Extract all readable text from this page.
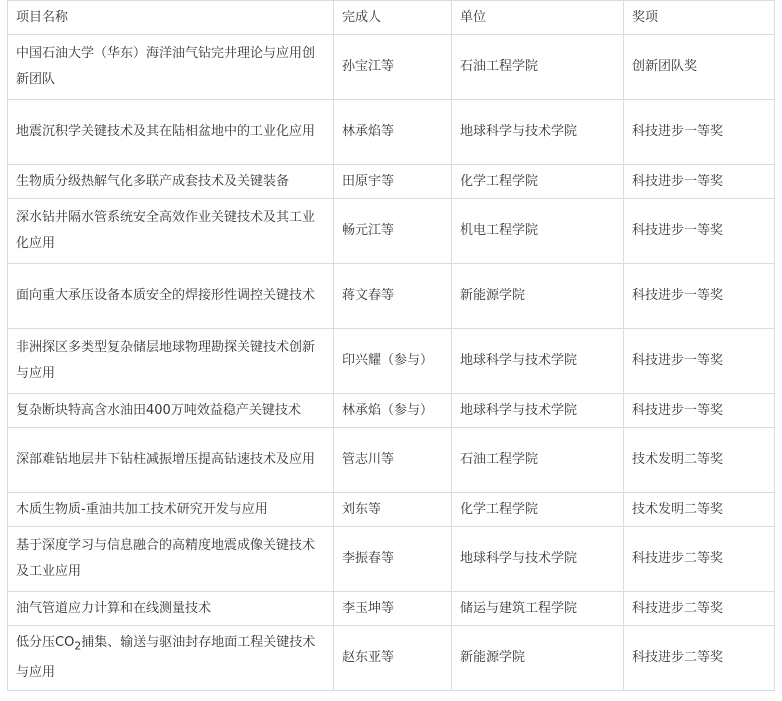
项目名称	完成人	单位	奖项
中国石油大学（华东）海洋油气钻完井理论与应用创新团队	孙宝江等	石油工程学院	创新团队奖
地震沉积学关键技术及其在陆相盆地中的工业化应用	林承焰等	地球科学与技术学院	科技进步一等奖
生物质分级热解气化多联产成套技术及关键装备	田原宇等	化学工程学院	科技进步一等奖
深水钻井隔水管系统安全高效作业关键技术及其工业化应用	畅元江等	机电工程学院	科技进步一等奖
面向重大承压设备本质安全的焊接形性调控关键技术	蒋文春等	新能源学院	科技进步一等奖
非洲探区多类型复杂储层地球物理勘探关键技术创新与应用	印兴耀（参与）	地球科学与技术学院	科技进步一等奖
复杂断块特高含水油田400万吨效益稳产关键技术	林承焰（参与）	地球科学与技术学院	科技进步一等奖
深部难钻地层井下钻柱减振增压提高钻速技术及应用	管志川等	石油工程学院	技术发明二等奖
木质生物质-重油共加工技术研究开发与应用	刘东等	化学工程学院	技术发明二等奖
基于深度学习与信息融合的高精度地震成像关键技术及工业应用	李振春等	地球科学与技术学院	科技进步二等奖
油气管道应力计算和在线测量技术	李玉坤等	储运与建筑工程学院	科技进步二等奖
低分压$CO_2$捕集、输送与驱油封存地面工程关键技术与应用	赵东亚等	新能源学院	科技进步二等奖
